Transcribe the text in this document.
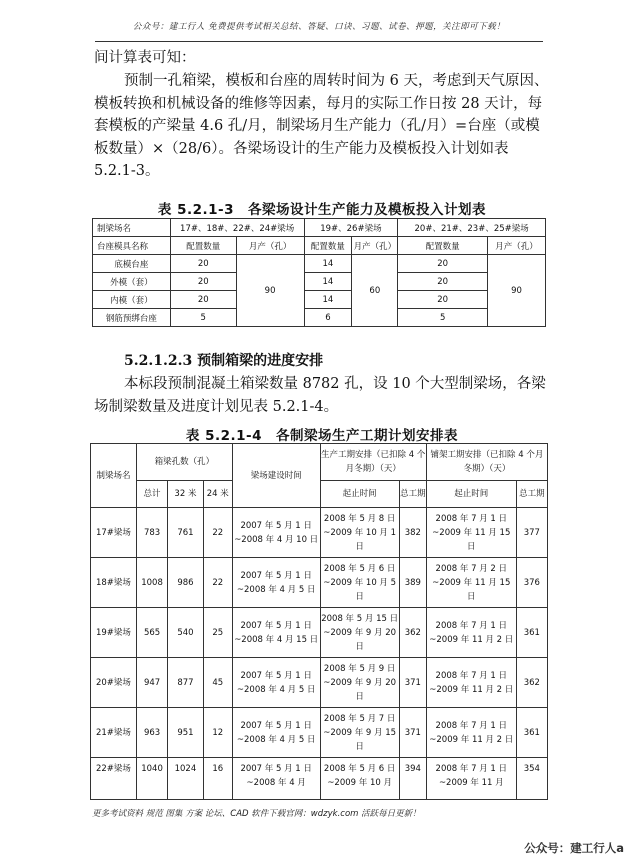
公众号：建工行人 免费提供考试相关总结、答疑、口诀、习题、试卷、押题，关注即可下载！
间计算表可知：
预制一孔箱梁，模板和台座的周转时间为 6 天，考虑到天气原因、模板转换和机械设备的维修等因素，每月的实际工作日按 28 天计，每套模板的产梁量 4.6 孔/月，制梁场月生产能力（孔/月）=台座（或模板数量）×（28/6）。各梁场设计的生产能力及模板投入计划如表 5.2.1-3。
表 5.2.1-3　各梁场设计生产能力及模板投入计划表
制梁场名	17#、18#、22#、24#梁场		19#、26#梁场		20#、21#、23#、25#梁场	
台座模具名称	配置数量	月产（孔）	配置数量	月产（孔）	配置数量	月产（孔）
底模台座	20	90	14	60	20	90
外模（套）	20		14		20	
内模（套）	20		14		20	
钢筋预绑台座	5		6		5	
5.2.1.2.3 预制箱梁的进度安排
本标段预制混凝土箱梁数量 8782 孔，设 10 个大型制梁场，各梁场制梁数量及进度计划见表 5.2.1-4。
表 5.2.1-4　各制梁场生产工期计划安排表
制梁场名	箱梁孔数（孔）			梁场建设时间	生产工期安排（已扣除 4 个月冬期）（天）		铺架工期安排（已扣除 4 个月冬期）（天）	
	总计	32 米	24 米		起止时间	总工期	起止时间	总工期
17#梁场	783	761	22	2007 年 5 月 1 日~2008 年 4 月 10 日	2008 年 5 月 8 日~2009 年 10 月 1 日	382	2008 年 7 月 1 日~2009 年 11 月 15 日	377
18#梁场	1008	986	22	2007 年 5 月 1 日~2008 年 4 月 5 日	2008 年 5 月 6 日~2009 年 10 月 5 日	389	2008 年 7 月 2 日~2009 年 11 月 15 日	376
19#梁场	565	540	25	2007 年 5 月 1 日~2008 年 4 月 15 日	2008 年 5 月 15 日~2009 年 9 月 20 日	362	2008 年 7 月 1 日~2009 年 11 月 2 日	361
20#梁场	947	877	45	2007 年 5 月 1 日~2008 年 4 月 5 日	2008 年 5 月 9 日~2009 年 9 月 20 日	371	2008 年 7 月 1 日~2009 年 11 月 2 日	362
21#梁场	963	951	12	2007 年 5 月 1 日~2008 年 4 月 5 日	2008 年 5 月 7 日~2009 年 9 月 15 日	371	2008 年 7 月 1 日~2009 年 11 月 2 日	361
22#梁场	1040	1024	16	2007 年 5 月 1 日~2008 年 4 月	2008 年 5 月 6 日~2009 年 10 月	394	2008 年 7 月 1 日~2009 年 11 月	354
更多考试资料 规范 图集 方案 论坛、CAD 软件下载官网：wdzyk.com 活跃每日更新！
公众号：建工行人a
